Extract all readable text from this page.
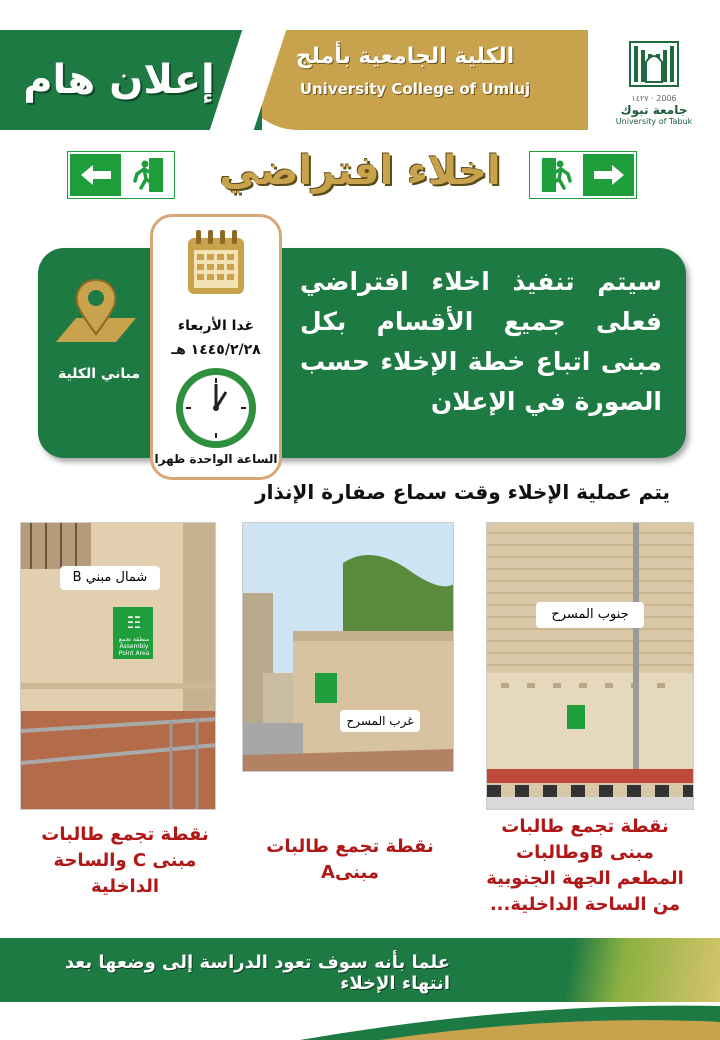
إعلان هام
الكلية الجامعية بأملج
University College of Umluj
١٤٢٧ · 2006
جامعة تبوك
University of Tabuk
اخلاء افتراضي
سيتم تنفيذ اخلاء افتراضي فعلى جميع الأقسام بكل مبنى اتباع خطة الإخلاء حسب الصورة في الإعلان
مباني الكلية
غدا الأربعاء
١٤٤٥/٢/٢٨ هـ
الساعة الواحدة ظهرا
يتم عملية الإخلاء وقت سماع صفارة الإنذار
☷
منطقة تجمع
Assembly Point Area
شمال مبني B
غرب المسرح
جنوب المسرح
نقطة تجمع طالبات مبنى C والساحة الداخلية
نقطة تجمع طالبات مبنىA
نقطة تجمع طالبات مبنى Bوطالبات المطعم الجهة الجنوبية من الساحة الداخلية...
علما بأنه سوف تعود الدراسة إلى وضعها بعد انتهاء الإخلاء
